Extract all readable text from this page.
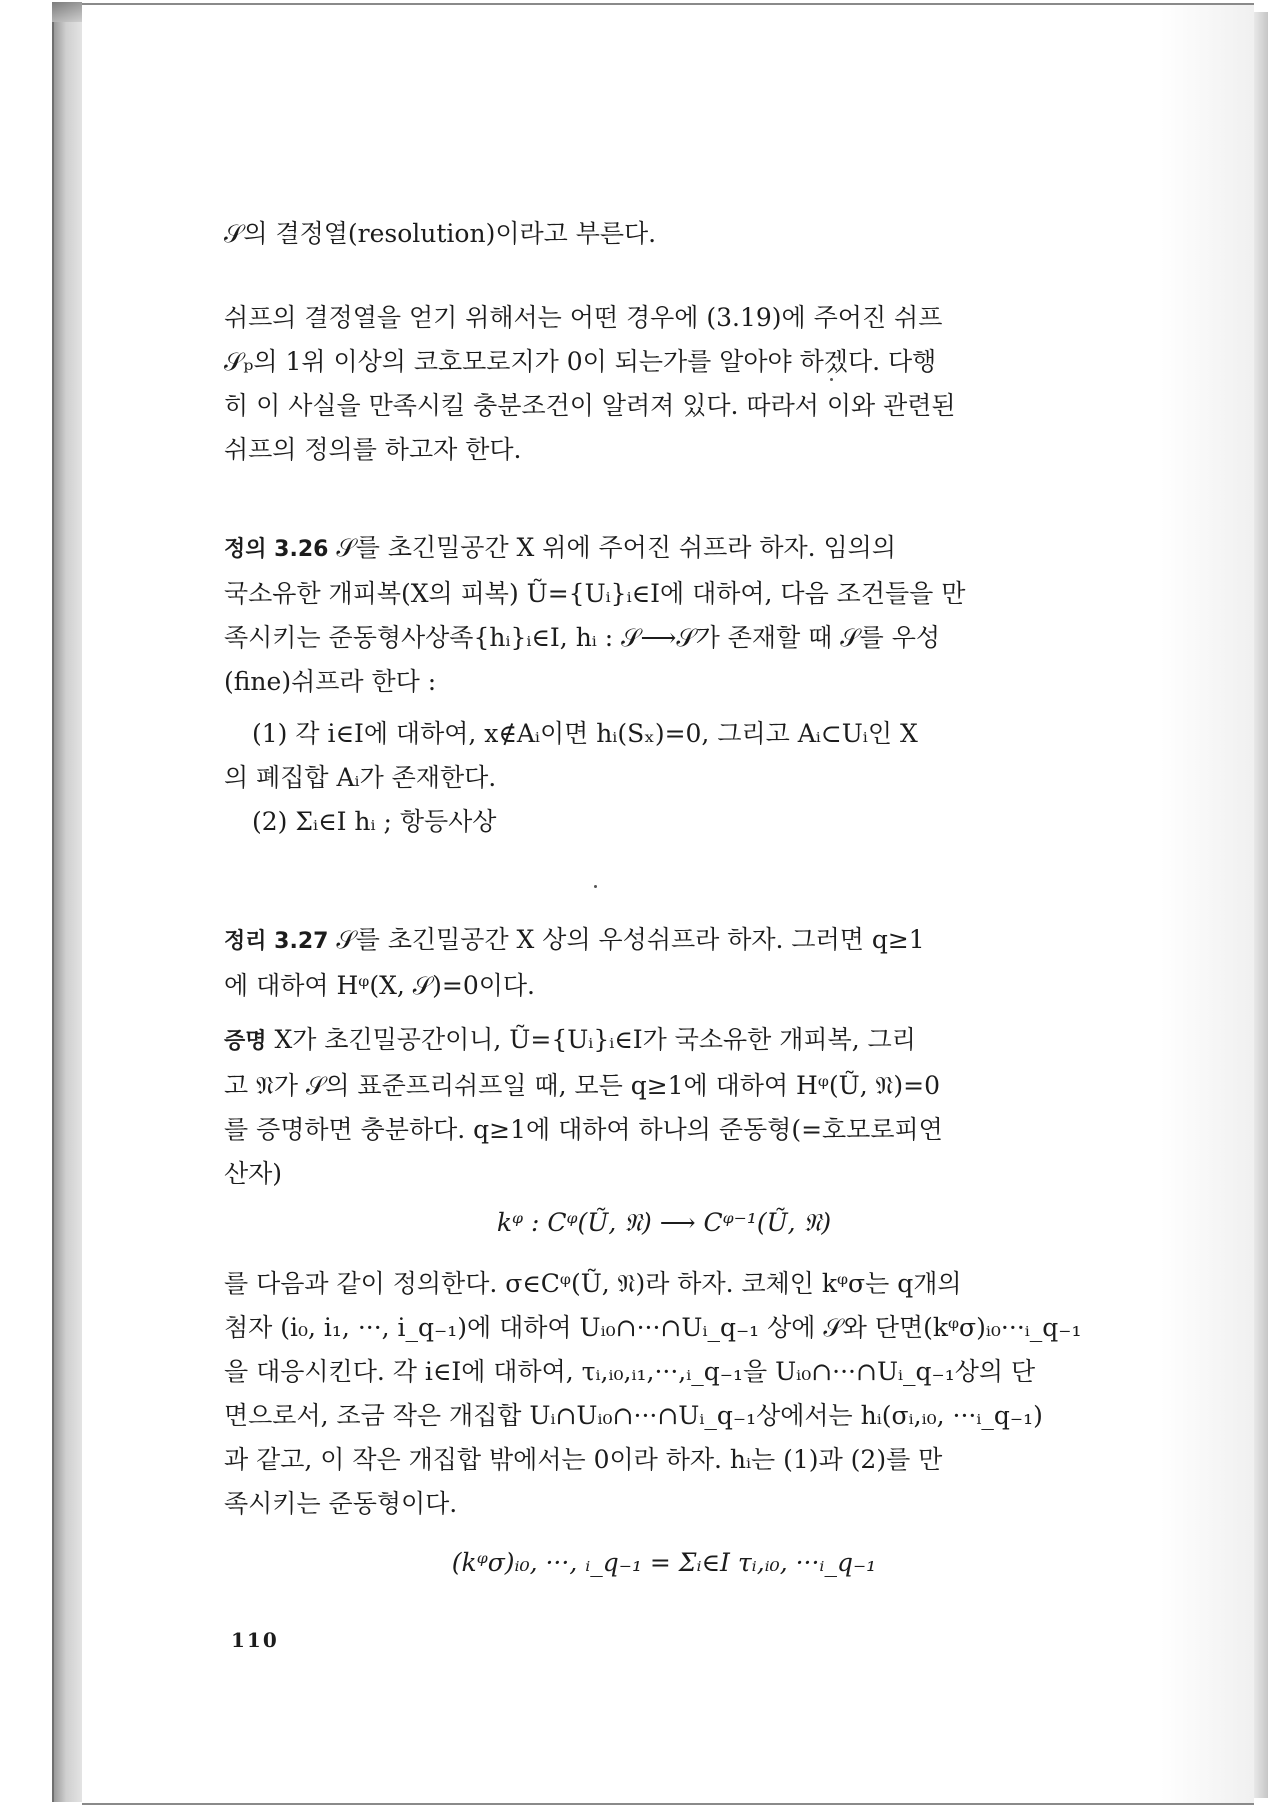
𝒮의 결정열(resolution)이라고 부른다.
쉬프의 결정열을 얻기 위해서는 어떤 경우에 (3.19)에 주어진 쉬프
𝒮ₚ의 1위 이상의 코호모로지가 0이 되는가를 알아야 하겠다. 다행
히 이 사실을 만족시킬 충분조건이 알려져 있다. 따라서 이와 관련된
쉬프의 정의를 하고자 한다.
정의 3.26 𝒮를 초긴밀공간 X 위에 주어진 쉬프라 하자. 임의의
국소유한 개피복(X의 피복) Ũ={Uᵢ}ᵢ∈I에 대하여, 다음 조건들을 만
족시키는 준동형사상족{hᵢ}ᵢ∈I, hᵢ : 𝒮⟶𝒮가 존재할 때 𝒮를 우성
(fine)쉬프라 한다 :
(1) 각 i∈I에 대하여, x∉Aᵢ이면 hᵢ(Sₓ)=0, 그리고 Aᵢ⊂Uᵢ인 X
의 폐집합 Aᵢ가 존재한다.
(2) Σᵢ∈I hᵢ ; 항등사상
정리 3.27 𝒮를 초긴밀공간 X 상의 우성쉬프라 하자. 그러면 q≥1
에 대하여 Hᵠ(X, 𝒮)=0이다.
증명 X가 초긴밀공간이니, Ũ={Uᵢ}ᵢ∈I가 국소유한 개피복, 그리
고 𝔑가 𝒮의 표준프리쉬프일 때, 모든 q≥1에 대하여 Hᵠ(Ũ, 𝔑)=0
를 증명하면 충분하다. q≥1에 대하여 하나의 준동형(=호모로피연
산자)
kᵠ : Cᵠ(Ũ, 𝔑) ⟶ Cᵠ⁻¹(Ũ, 𝔑)
를 다음과 같이 정의한다. σ∈Cᵠ(Ũ, 𝔑)라 하자. 코체인 kᵠσ는 q개의
첨자 (i₀, i₁, ···, i_q₋₁)에 대하여 Uᵢ₀∩···∩Uᵢ_q₋₁ 상에 𝒮와 단면(kᵠσ)ᵢ₀···ᵢ_q₋₁
을 대응시킨다. 각 i∈I에 대하여, τᵢ,ᵢ₀,ᵢ₁,···,ᵢ_q₋₁을 Uᵢ₀∩···∩Uᵢ_q₋₁상의 단
면으로서, 조금 작은 개집합 Uᵢ∩Uᵢ₀∩···∩Uᵢ_q₋₁상에서는 hᵢ(σᵢ,ᵢ₀, ···ᵢ_q₋₁)
과 같고, 이 작은 개집합 밖에서는 0이라 하자. hᵢ는 (1)과 (2)를 만
족시키는 준동형이다.
(kᵠσ)ᵢ₀, ···, ᵢ_q₋₁ = Σᵢ∈I τᵢ,ᵢ₀, ···ᵢ_q₋₁
110
